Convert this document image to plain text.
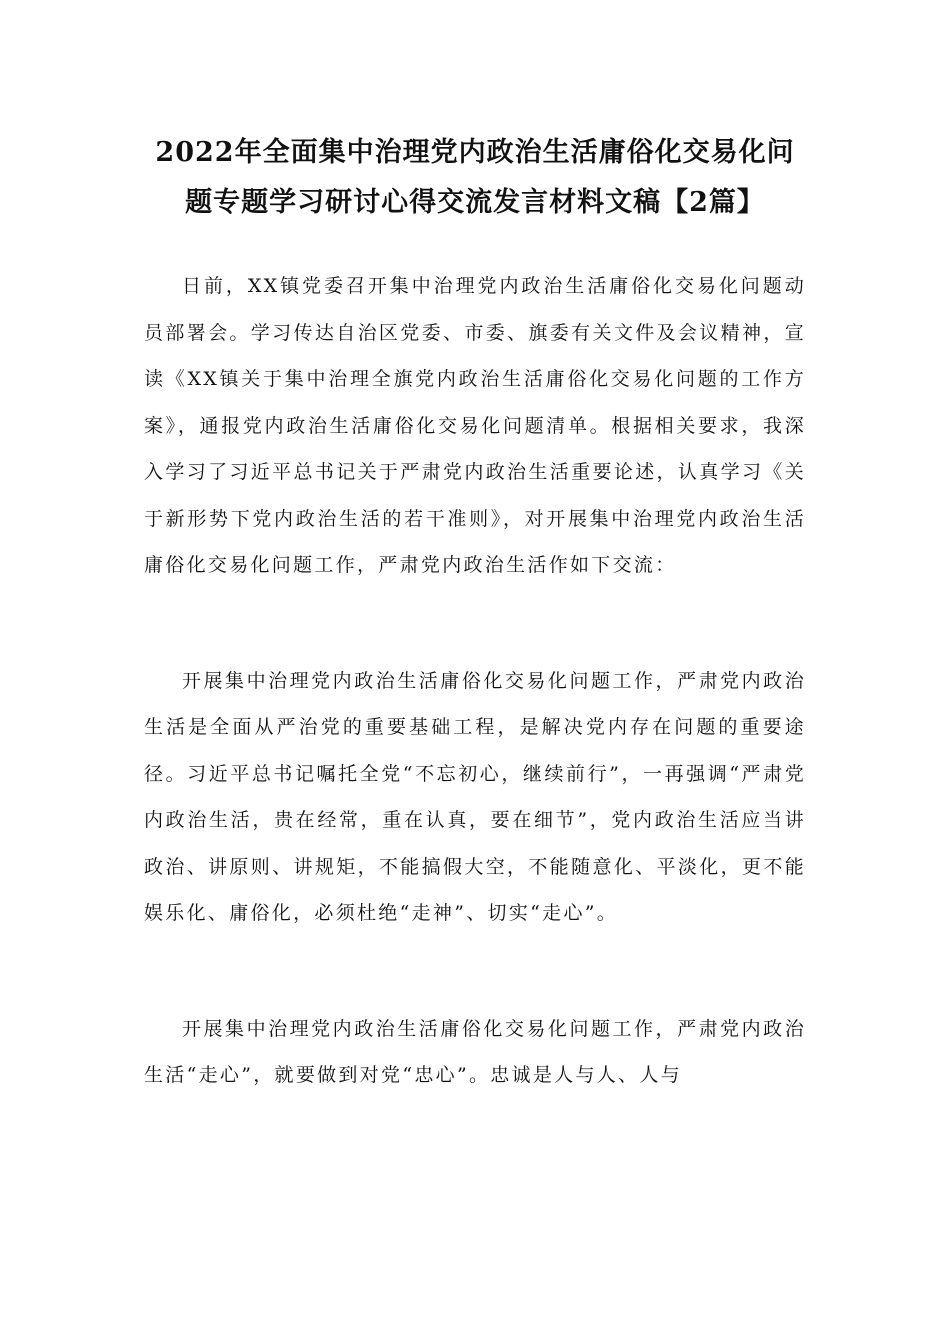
2022年全面集中治理党内政治生活庸俗化交易化问
题专题学习研讨心得交流发言材料文稿【2篇】

日前，XX镇党委召开集中治理党内政治生活庸俗化交易化问题动员部署会。学习传达自治区党委、市委、旗委有关文件及会议精神，宣读《XX镇关于集中治理全旗党内政治生活庸俗化交易化问题的工作方案》，通报党内政治生活庸俗化交易化问题清单。根据相关要求，我深入学习了习近平总书记关于严肃党内政治生活重要论述，认真学习《关于新形势下党内政治生活的若干准则》，对开展集中治理党内政治生活庸俗化交易化问题工作，严肃党内政治生活作如下交流：

开展集中治理党内政治生活庸俗化交易化问题工作，严肃党内政治生活是全面从严治党的重要基础工程，是解决党内存在问题的重要途径。习近平总书记嘱托全党“不忘初心，继续前行”，一再强调“严肃党内政治生活，贵在经常，重在认真，要在细节”，党内政治生活应当讲政治、讲原则、讲规矩，不能搞假大空，不能随意化、平淡化，更不能娱乐化、庸俗化，必须杜绝“走神”、切实“走心”。

开展集中治理党内政治生活庸俗化交易化问题工作，严肃党内政治生活“走心”，就要做到对党“忠心”。忠诚是人与人、人与
